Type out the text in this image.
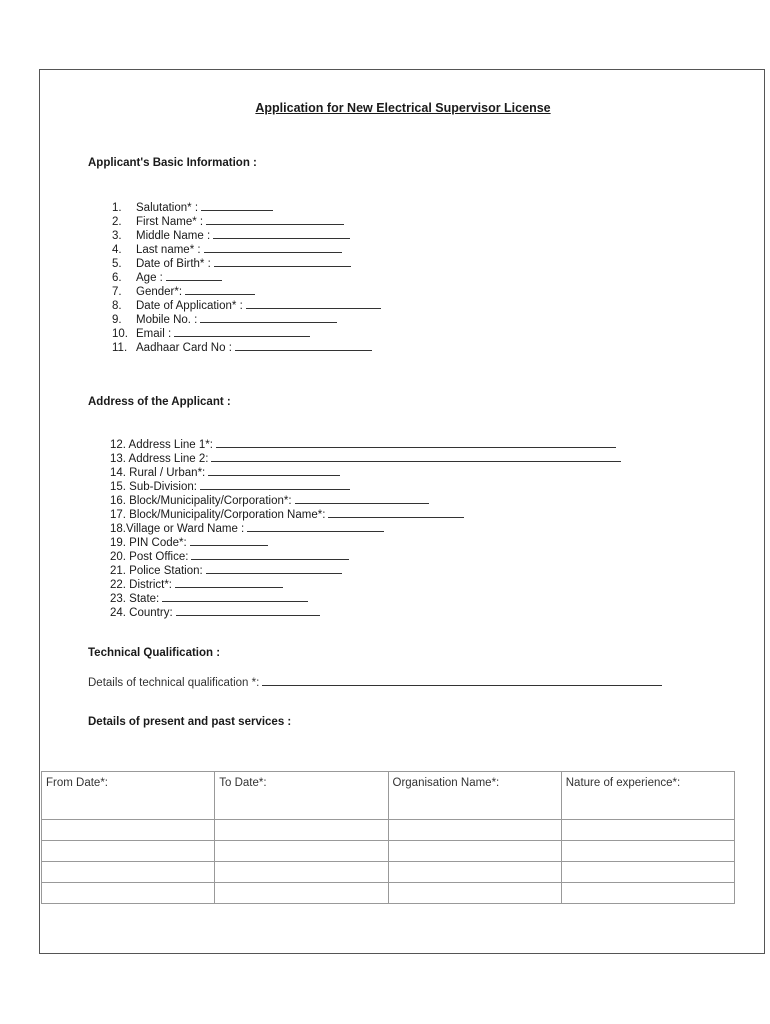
Application for New Electrical Supervisor License
Applicant's Basic Information :
1. Salutation* :
2. First Name* :
3. Middle Name :
4. Last name* :
5. Date of Birth* :
6. Age :
7. Gender*:
8. Date of Application* :
9. Mobile No. :
10. Email :
11. Aadhaar Card No :
Address of the Applicant :
12. Address Line 1*:
13. Address Line 2:
14. Rural / Urban*:
15. Sub-Division:
16. Block/Municipality/Corporation*:
17. Block/Municipality/Corporation Name*:
18.Village or Ward Name :
19. PIN Code*:
20. Post Office:
21. Police Station:
22. District*:
23. State:
24. Country:
Technical Qualification :
Details of technical qualification *:
Details of present and past services :
From Date*:	To Date*:	Organisation Name*:	Nature of experience*:
